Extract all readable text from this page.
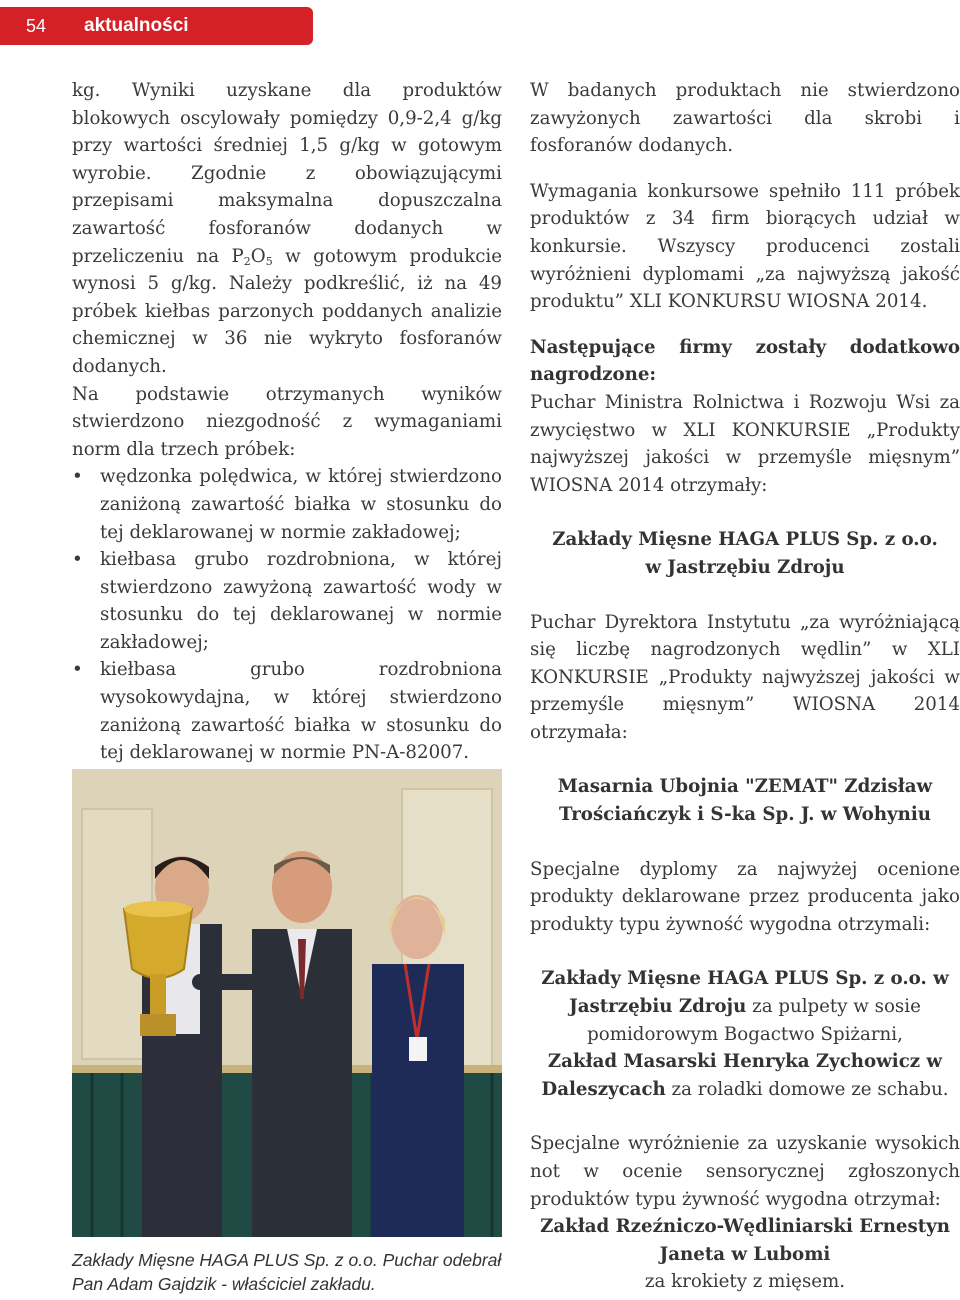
54 aktualności

kg. Wyniki uzyskane dla produktów blokowych oscylowały pomiędzy 0,9-2,4 g/kg przy wartości średniej 1,5 g/kg w gotowym wyrobie. Zgodnie z obowiązującymi przepisami maksymalna dopuszczalna zawartość fosforanów dodanych w przeliczeniu na $P_2O_5$ w gotowym produkcie wynosi 5 g/kg. Należy podkreślić, iż na 49 próbek kiełbas parzonych poddanych analizie chemicznej w 36 nie wykryto fosforanów dodanych.

Na podstawie otrzymanych wyników stwierdzono niezgodność z wymaganiami norm dla trzech próbek:

• wędzonka polędwica, w której stwierdzono zaniżoną zawartość białka w stosunku do tej deklarowanej w normie zakładowej;
• kiełbasa grubo rozdrobniona, w której stwierdzono zawyżoną zawartość wody w stosunku do tej deklarowanej w normie zakładowej;
• kiełbasa grubo rozdrobniona wysokowydajna, w której stwierdzono zaniżoną zawartość białka w stosunku do tej deklarowanej w normie PN-A-82007.
Zakłady Mięsne HAGA PLUS Sp. z o.o. Puchar odebrał Pan Adam Gajdzik - właściciel zakładu.

W badanych produktach nie stwierdzono zawyżonych zawartości dla skrobi i fosforanów dodanych.

Wymagania konkursowe spełniło 111 próbek produktów z 34 firm biorących udział w konkursie. Wszyscy producenci zostali wyróżnieni dyplomami „za najwyższą jakość produktu” XLI KONKURSU WIOSNA 2014.

Następujące firmy zostały dodatkowo nagrodzone:

Puchar Ministra Rolnictwa i Rozwoju Wsi za zwycięstwo w XLI KONKURSIE „Produkty najwyższej jakości w przemyśle mięsnym” WIOSNA 2014 otrzymały:

Zakłady Mięsne HAGA PLUS Sp. z o.o.
w Jastrzębiu Zdroju

Puchar Dyrektora Instytutu „za wyróżniającą się liczbę nagrodzonych wędlin” w XLI KONKURSIE „Produkty najwyższej jakości w przemyśle mięsnym” WIOSNA 2014 otrzymała:

Masarnia Ubojnia "ZEMAT" Zdzisław Trościańczyk i S-ka Sp. J. w Wohyniu

Specjalne dyplomy za najwyżej ocenione produkty deklarowane przez producenta jako produkty typu żywność wygodna otrzymali:

Zakłady Mięsne HAGA PLUS Sp. z o.o. w Jastrzębiu Zdroju za pulpety w sosie pomidorowym Bogactwo Spiżarni,
Zakład Masarski Henryka Zychowicz w Daleszycach za roladki domowe ze schabu.

Specjalne wyróżnienie za uzyskanie wysokich not w ocenie sensorycznej zgłoszonych produktów typu żywność wygodna otrzymał:

Zakład Rzeźniczo-Wędliniarski Ernestyn Janeta w Lubomi
za krokiety z mięsem.
